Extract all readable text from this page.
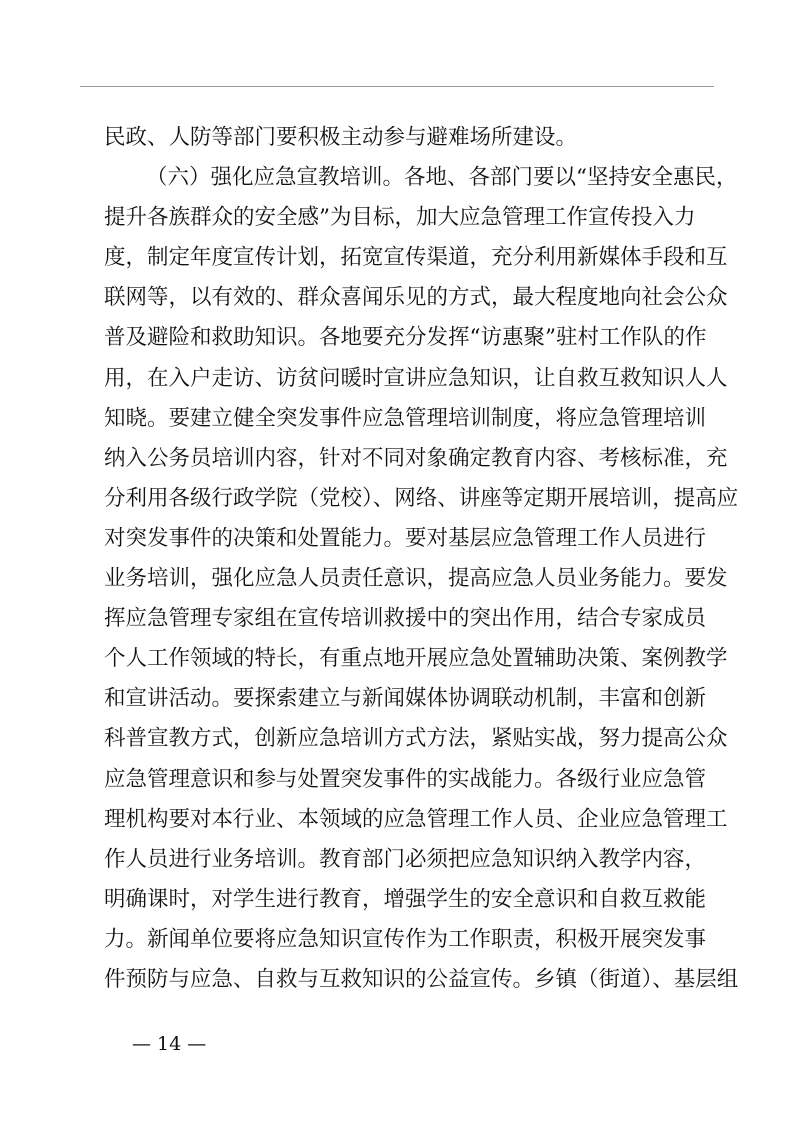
民政、人防等部门要积极主动参与避难场所建设。
（六）强化应急宣教培训。各地、各部门要以“坚持安全惠民，
提升各族群众的安全感”为目标，加大应急管理工作宣传投入力
度，制定年度宣传计划，拓宽宣传渠道，充分利用新媒体手段和互
联网等，以有效的、群众喜闻乐见的方式，最大程度地向社会公众
普及避险和救助知识。各地要充分发挥“访惠聚”驻村工作队的作
用，在入户走访、访贫问暖时宣讲应急知识，让自救互救知识人人
知晓。要建立健全突发事件应急管理培训制度，将应急管理培训
纳入公务员培训内容，针对不同对象确定教育内容、考核标准，充
分利用各级行政学院（党校）、网络、讲座等定期开展培训，提高应
对突发事件的决策和处置能力。要对基层应急管理工作人员进行
业务培训，强化应急人员责任意识，提高应急人员业务能力。要发
挥应急管理专家组在宣传培训救援中的突出作用，结合专家成员
个人工作领域的特长，有重点地开展应急处置辅助决策、案例教学
和宣讲活动。要探索建立与新闻媒体协调联动机制，丰富和创新
科普宣教方式，创新应急培训方式方法，紧贴实战，努力提高公众
应急管理意识和参与处置突发事件的实战能力。各级行业应急管
理机构要对本行业、本领域的应急管理工作人员、企业应急管理工
作人员进行业务培训。教育部门必须把应急知识纳入教学内容，
明确课时，对学生进行教育，增强学生的安全意识和自救互救能
力。新闻单位要将应急知识宣传作为工作职责，积极开展突发事
件预防与应急、自救与互救知识的公益宣传。乡镇（街道）、基层组
— 14 —
